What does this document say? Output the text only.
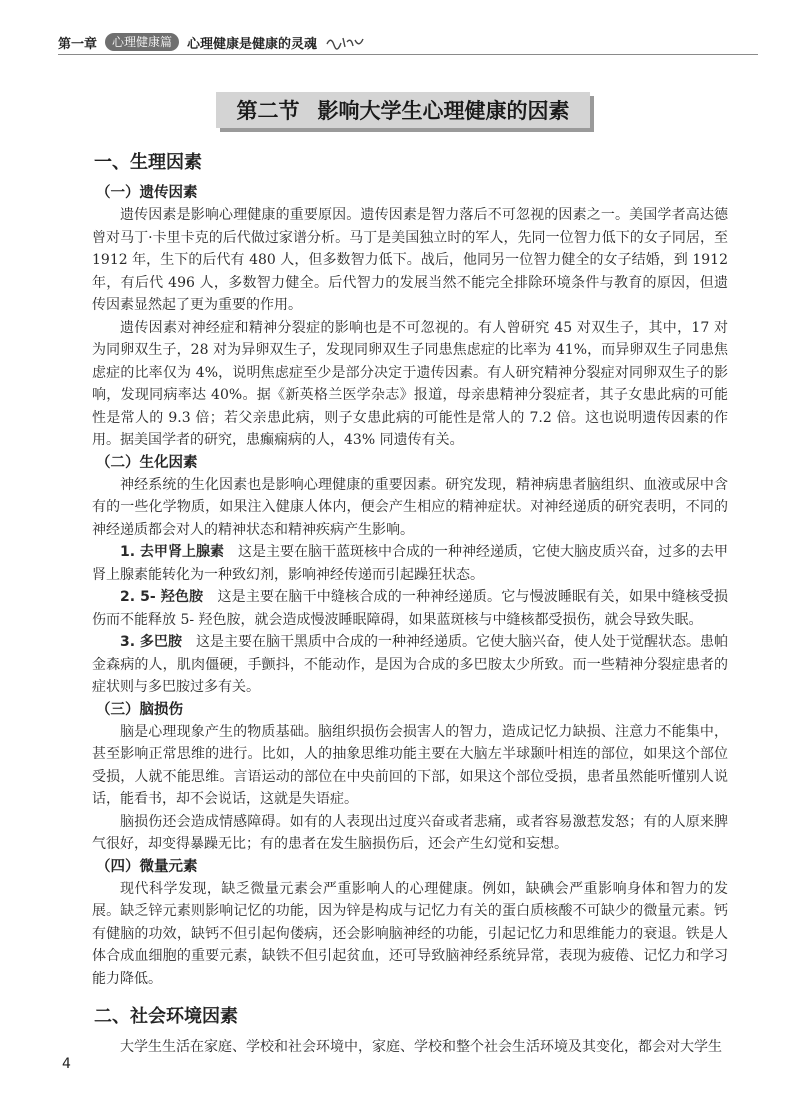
第一章	心理健康篇	心理健康是健康的灵魂
第二节 影响大学生心理健康的因素
一、生理因素
（一）遗传因素

遗传因素是影响心理健康的重要原因。遗传因素是智力落后不可忽视的因素之一。美国学者高达德曾对马丁·卡里卡克的后代做过家谱分析。马丁是美国独立时的军人，先同一位智力低下的女子同居，至 1912 年，生下的后代有 480 人，但多数智力低下。战后，他同另一位智力健全的女子结婚，到 1912 年，有后代 496 人，多数智力健全。后代智力的发展当然不能完全排除环境条件与教育的原因，但遗传因素显然起了更为重要的作用。

遗传因素对神经症和精神分裂症的影响也是不可忽视的。有人曾研究 45 对双生子，其中，17 对为同卵双生子，28 对为异卵双生子，发现同卵双生子同患焦虑症的比率为 41%，而异卵双生子同患焦虑症的比率仅为 4%，说明焦虑症至少是部分决定于遗传因素。有人研究精神分裂症对同卵双生子的影响，发现同病率达 40%。据《新英格兰医学杂志》报道，母亲患精神分裂症者，其子女患此病的可能性是常人的 9.3 倍；若父亲患此病，则子女患此病的可能性是常人的 7.2 倍。这也说明遗传因素的作用。据美国学者的研究，患癫痫病的人，43% 同遗传有关。

（二）生化因素

神经系统的生化因素也是影响心理健康的重要因素。研究发现，精神病患者脑组织、血液或尿中含有的一些化学物质，如果注入健康人体内，便会产生相应的精神症状。对神经递质的研究表明，不同的神经递质都会对人的精神状态和精神疾病产生影响。

1. 去甲肾上腺素　 这是主要在脑干蓝斑核中合成的一种神经递质，它使大脑皮质兴奋，过多的去甲肾上腺素能转化为一种致幻剂，影响神经传递而引起躁狂状态。

2. 5- 羟色胺　 这是主要在脑干中缝核合成的一种神经递质。它与慢波睡眠有关，如果中缝核受损伤而不能释放 5- 羟色胺，就会造成慢波睡眠障碍，如果蓝斑核与中缝核都受损伤，就会导致失眠。

3. 多巴胺　 这是主要在脑干黑质中合成的一种神经递质。它使大脑兴奋，使人处于觉醒状态。患帕金森病的人，肌肉僵硬，手颤抖，不能动作，是因为合成的多巴胺太少所致。而一些精神分裂症患者的症状则与多巴胺过多有关。

（三）脑损伤

脑是心理现象产生的物质基础。脑组织损伤会损害人的智力，造成记忆力缺损、注意力不能集中，甚至影响正常思维的进行。比如，人的抽象思维功能主要在大脑左半球颞叶相连的部位，如果这个部位受损，人就不能思维。言语运动的部位在中央前回的下部，如果这个部位受损，患者虽然能听懂别人说话，能看书，却不会说话，这就是失语症。

脑损伤还会造成情感障碍。如有的人表现出过度兴奋或者悲痛，或者容易激惹发怒；有的人原来脾气很好，却变得暴躁无比；有的患者在发生脑损伤后，还会产生幻觉和妄想。

（四）微量元素

现代科学发现，缺乏微量元素会严重影响人的心理健康。例如，缺碘会严重影响身体和智力的发展。缺乏锌元素则影响记忆的功能，因为锌是构成与记忆力有关的蛋白质核酸不可缺少的微量元素。钙有健脑的功效，缺钙不但引起佝偻病，还会影响脑神经的功能，引起记忆力和思维能力的衰退。铁是人体合成血细胞的重要元素，缺铁不但引起贫血，还可导致脑神经系统异常，表现为疲倦、记忆力和学习能力降低。

二、社会环境因素

大学生生活在家庭、学校和社会环境中，家庭、学校和整个社会生活环境及其变化，都会对大学生

4
